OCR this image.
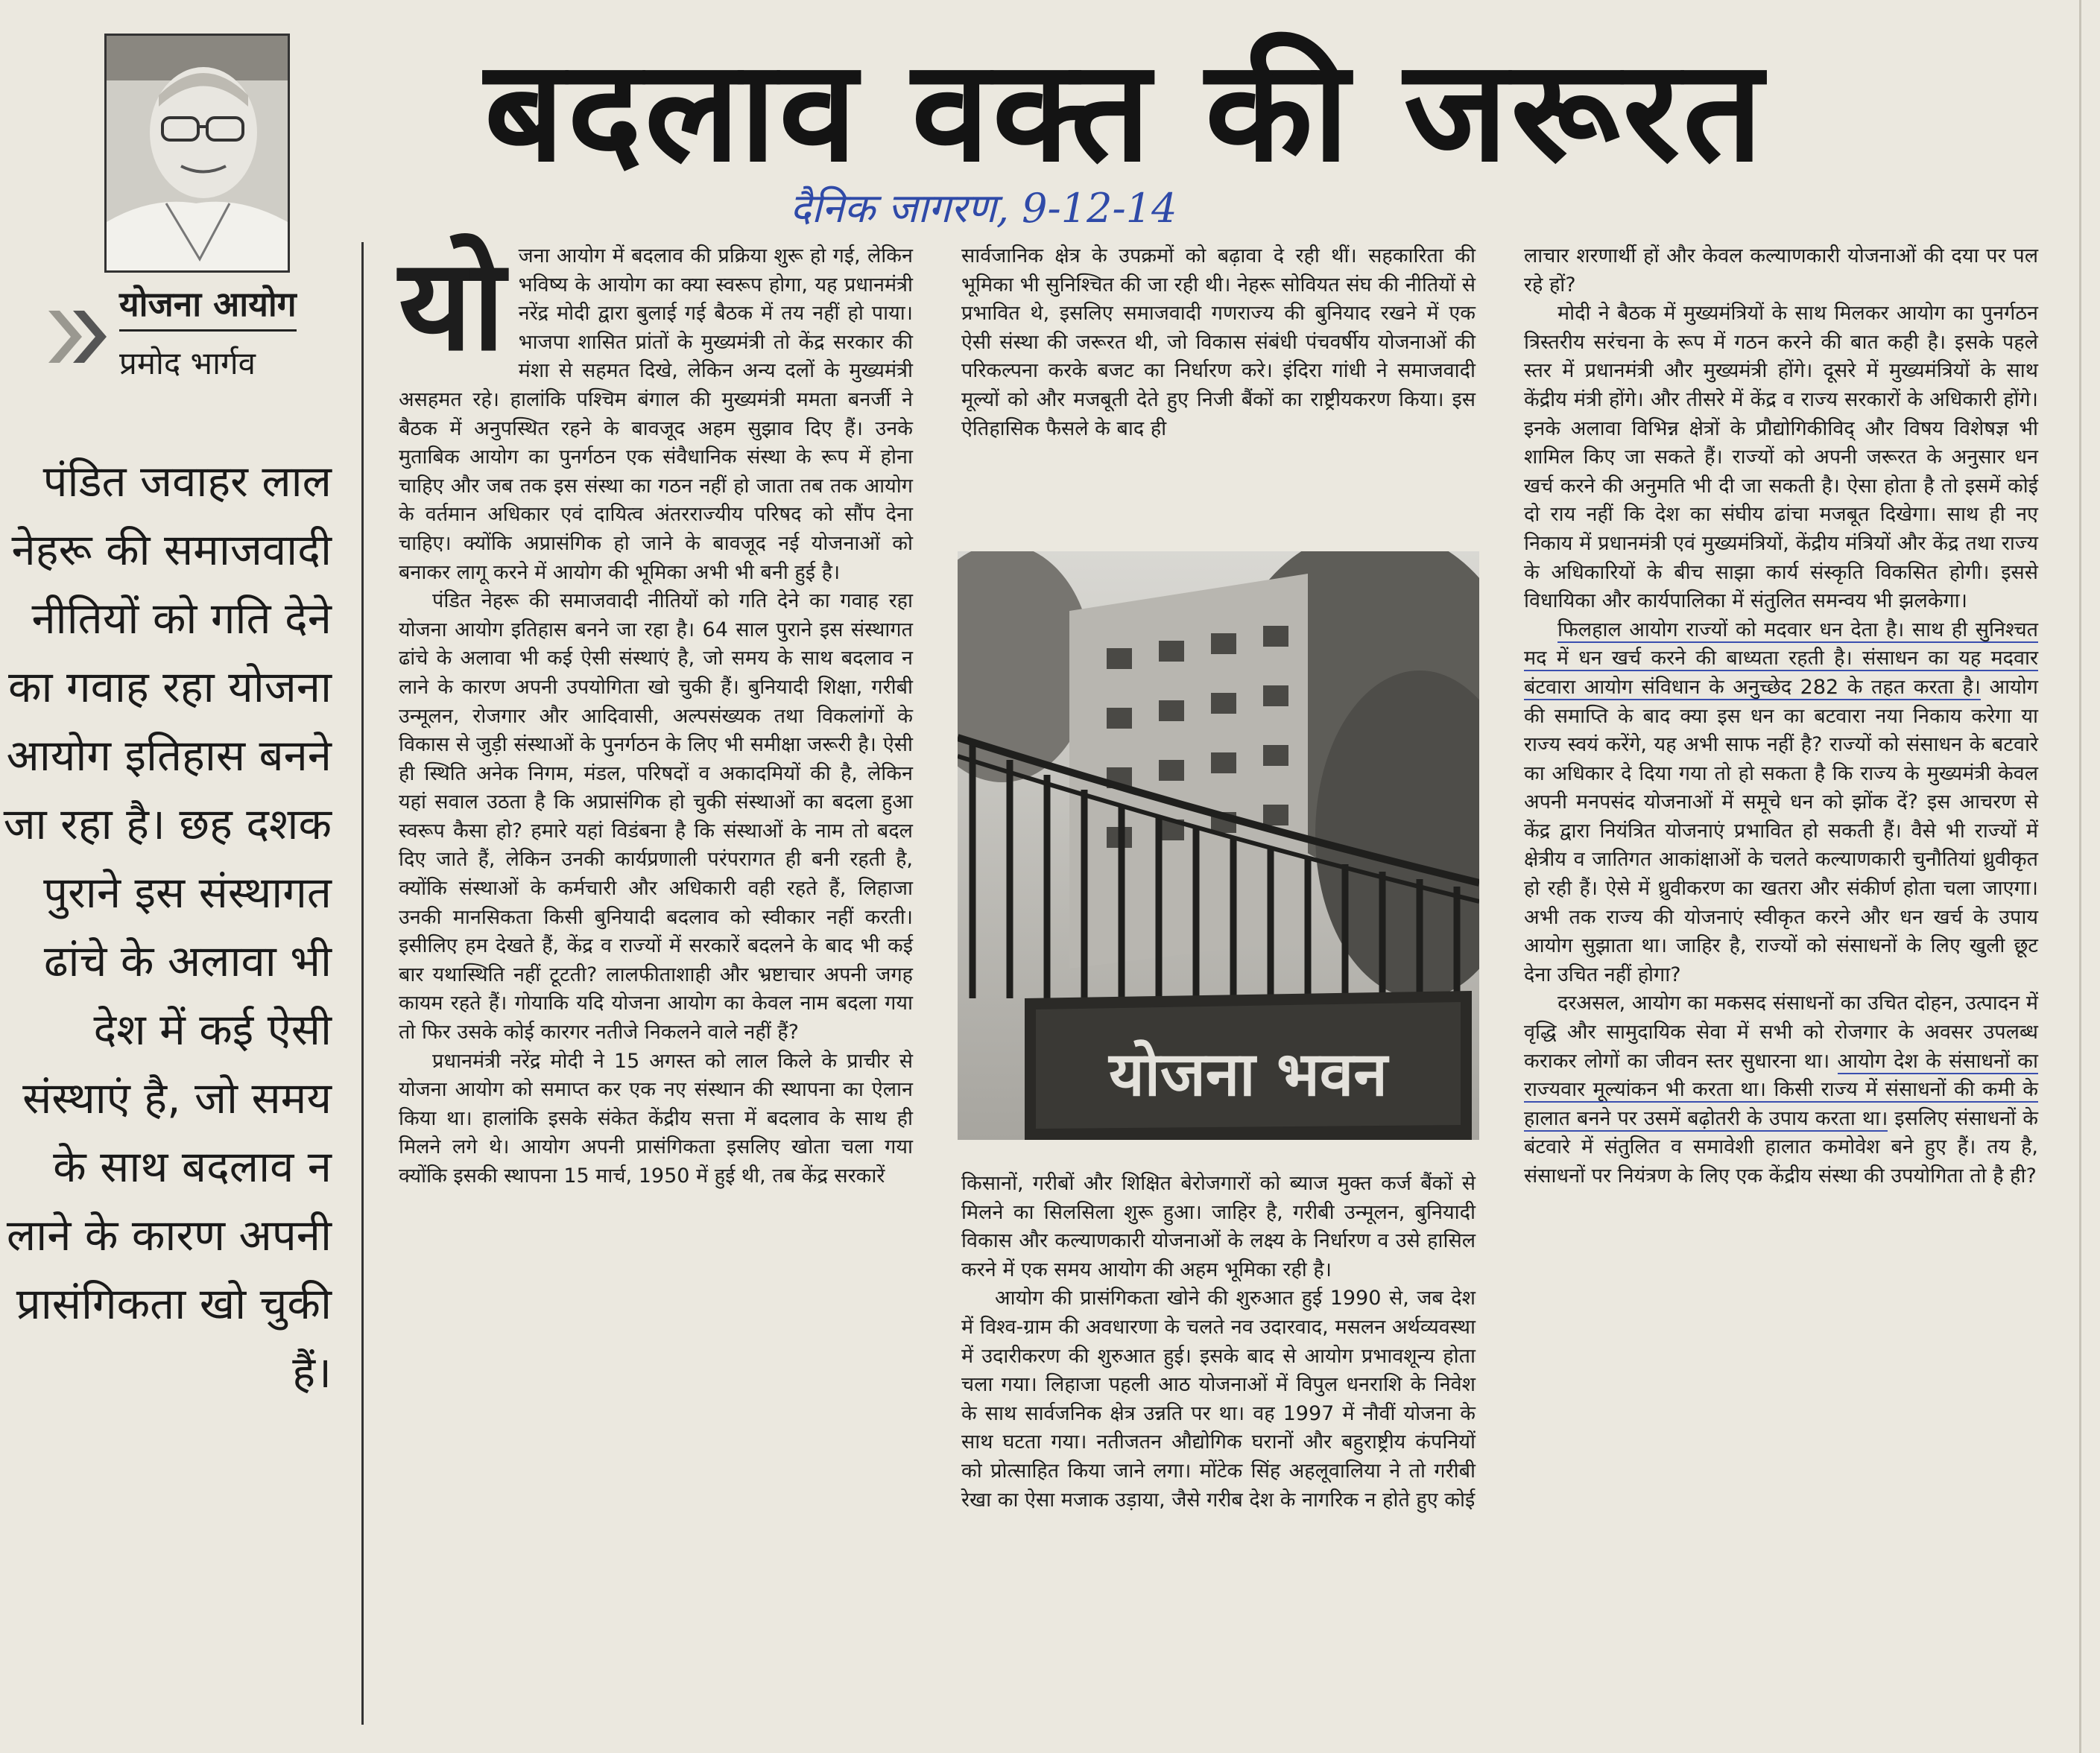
बदलाव वक्त की जरूरत
दैनिक जागरण, 9-12-14
योजना आयोग
प्रमोद भार्गव
पंडित जवाहर लाल नेहरू की समाजवादी नीतियों को गति देने का गवाह रहा योजना आयोग इतिहास बनने जा रहा है। छह दशक पुराने इस संस्थागत ढांचे के अलावा भी देश में कई ऐसी संस्थाएं है, जो समय के साथ बदलाव न लाने के कारण अपनी प्रासंगिकता खो चुकी हैं।
यो जना आयोग में बदलाव की प्रक्रिया शुरू हो गई, लेकिन भविष्य के आयोग का क्या स्वरूप होगा, यह प्रधानमंत्री नरेंद्र मोदी द्वारा बुलाई गई बैठक में तय नहीं हो पाया। भाजपा शासित प्रांतों के मुख्यमंत्री तो केंद्र सरकार की मंशा से सहमत दिखे, लेकिन अन्य दलों के मुख्यमंत्री असहमत रहे। हालांकि पश्चिम बंगाल की मुख्यमंत्री ममता बनर्जी ने बैठक में अनुपस्थित रहने के बावजूद अहम सुझाव दिए हैं। उनके मुताबिक आयोग का पुनर्गठन एक संवैधानिक संस्था के रूप में होना चाहिए और जब तक इस संस्था का गठन नहीं हो जाता तब तक आयोग के वर्तमान अधिकार एवं दायित्व अंतरराज्यीय परिषद को सौंप देना चाहिए। क्योंकि अप्रासंगिक हो जाने के बावजूद नई योजनाओं को बनाकर लागू करने में आयोग की भूमिका अभी भी बनी हुई है।

पंडित नेहरू की समाजवादी नीतियों को गति देने का गवाह रहा योजना आयोग इतिहास बनने जा रहा है। 64 साल पुराने इस संस्थागत ढांचे के अलावा भी कई ऐसी संस्थाएं है, जो समय के साथ बदलाव न लाने के कारण अपनी उपयोगिता खो चुकी हैं। बुनियादी शिक्षा, गरीबी उन्मूलन, रोजगार और आदिवासी, अल्पसंख्यक तथा विकलांगों के विकास से जुड़ी संस्थाओं के पुनर्गठन के लिए भी समीक्षा जरूरी है। ऐसी ही स्थिति अनेक निगम, मंडल, परिषदों व अकादमियों की है, लेकिन यहां सवाल उठता है कि अप्रासंगिक हो चुकी संस्थाओं का बदला हुआ स्वरूप कैसा हो? हमारे यहां विडंबना है कि संस्थाओं के नाम तो बदल दिए जाते हैं, लेकिन उनकी कार्यप्रणाली परंपरागत ही बनी रहती है, क्योंकि संस्थाओं के कर्मचारी और अधिकारी वही रहते हैं, लिहाजा उनकी मानसिकता किसी बुनियादी बदलाव को स्वीकार नहीं करती। इसीलिए हम देखते हैं, केंद्र व राज्यों में सरकारें बदलने के बाद भी कई बार यथास्थिति नहीं टूटती? लालफीताशाही और भ्रष्टाचार अपनी जगह कायम रहते हैं। गोयाकि यदि योजना आयोग का केवल नाम बदला गया तो फिर उसके कोई कारगर नतीजे निकलने वाले नहीं हैं?

प्रधानमंत्री नरेंद्र मोदी ने 15 अगस्त को लाल किले के प्राचीर से योजना आयोग को समाप्त कर एक नए संस्थान की स्थापना का ऐलान किया था। हालांकि इसके संकेत केंद्रीय सत्ता में बदलाव के साथ ही मिलने लगे थे। आयोग अपनी प्रासंगिकता इसलिए खोता चला गया क्योंकि इसकी स्थापना 15 मार्च, 1950 में हुई थी, तब केंद्र सरकारें

सार्वजानिक क्षेत्र के उपक्रमों को बढ़ावा दे रही थीं। सहकारिता की भूमिका भी सुनिश्चित की जा रही थी। नेहरू सोवियत संघ की नीतियों से प्रभावित थे, इसलिए समाजवादी गणराज्य की बुनियाद रखने में एक ऐसी संस्था की जरूरत थी, जो विकास संबंधी पंचवर्षीय योजनाओं की परिकल्पना करके बजट का निर्धारण करे। इंदिरा गांधी ने समाजवादी मूल्यों को और मजबूती देते हुए निजी बैंकों का राष्ट्रीयकरण किया। इस ऐतिहासिक फैसले के बाद ही

योजना भवन

किसानों, गरीबों और शिक्षित बेरोजगारों को ब्याज मुक्त कर्ज बैंकों से मिलने का सिलसिला शुरू हुआ। जाहिर है, गरीबी उन्मूलन, बुनियादी विकास और कल्याणकारी योजनाओं के लक्ष्य के निर्धारण व उसे हासिल करने में एक समय आयोग की अहम भूमिका रही है।

आयोग की प्रासंगिकता खोने की शुरुआत हुई 1990 से, जब देश में विश्व-ग्राम की अवधारणा के चलते नव उदारवाद, मसलन अर्थव्यवस्था में उदारीकरण की शुरुआत हुई। इसके बाद से आयोग प्रभावशून्य होता चला गया। लिहाजा पहली आठ योजनाओं में विपुल धनराशि के निवेश के साथ सार्वजनिक क्षेत्र उन्नति पर था। वह 1997 में नौवीं योजना के साथ घटता गया। नतीजतन औद्योगिक घरानों और बहुराष्ट्रीय कंपनियों को प्रोत्साहित किया जाने लगा। मोंटेक सिंह अहलूवालिया ने तो गरीबी रेखा का ऐसा मजाक उड़ाया, जैसे गरीब देश के नागरिक न होते हुए कोई

लाचार शरणार्थी हों और केवल कल्याणकारी योजनाओं की दया पर पल रहे हों?

मोदी ने बैठक में मुख्यमंत्रियों के साथ मिलकर आयोग का पुनर्गठन त्रिस्तरीय सरंचना के रूप में गठन करने की बात कही है। इसके पहले स्तर में प्रधानमंत्री और मुख्यमंत्री होंगे। दूसरे में मुख्यमंत्रियों के साथ केंद्रीय मंत्री होंगे। और तीसरे में केंद्र व राज्य सरकारों के अधिकारी होंगे। इनके अलावा विभिन्न क्षेत्रों के प्रौद्योगिकीविद् और विषय विशेषज्ञ भी शामिल किए जा सकते हैं। राज्यों को अपनी जरूरत के अनुसार धन खर्च करने की अनुमति भी दी जा सकती है। ऐसा होता है तो इसमें कोई दो राय नहीं कि देश का संघीय ढांचा मजबूत दिखेगा। साथ ही नए निकाय में प्रधानमंत्री एवं मुख्यमंत्रियों, केंद्रीय मंत्रियों और केंद्र तथा राज्य के अधिकारियों के बीच साझा कार्य संस्कृति विकसित होगी। इससे विधायिका और कार्यपालिका में संतुलित समन्वय भी झलकेगा।

फिलहाल आयोग राज्यों को मदवार धन देता है। साथ ही सुनिश्चत मद में धन खर्च करने की बाध्यता रहती है। संसाधन का यह मदवार बंटवारा आयोग संविधान के अनुच्छेद 282 के तहत करता है। आयोग की समाप्ति के बाद क्या इस धन का बटवारा नया निकाय करेगा या राज्य स्वयं करेंगे, यह अभी साफ नहीं है? राज्यों को संसाधन के बटवारे का अधिकार दे दिया गया तो हो सकता है कि राज्य के मुख्यमंत्री केवल अपनी मनपसंद योजनाओं में समूचे धन को झोंक दें? इस आचरण से केंद्र द्वारा नियंत्रित योजनाएं प्रभावित हो सकती हैं। वैसे भी राज्यों में क्षेत्रीय व जातिगत आकांक्षाओं के चलते कल्याणकारी चुनौतियां ध्रुवीकृत हो रही हैं। ऐसे में ध्रुवीकरण का खतरा और संकीर्ण होता चला जाएगा। अभी तक राज्य की योजनाएं स्वीकृत करने और धन खर्च के उपाय आयोग सुझाता था। जाहिर है, राज्यों को संसाधनों के लिए खुली छूट देना उचित नहीं होगा?

दरअसल, आयोग का मकसद संसाधनों का उचित दोहन, उत्पादन में वृद्धि और सामुदायिक सेवा में सभी को रोजगार के अवसर उपलब्ध कराकर लोगों का जीवन स्तर सुधारना था। आयोग देश के संसाधनों का राज्यवार मूल्यांकन भी करता था। किसी राज्य में संसाधनों की कमी के हालात बनने पर उसमें बढ़ोतरी के उपाय करता था। इसलिए संसाधनों के बंटवारे में संतुलित व समावेशी हालात कमोवेश बने हुए हैं। तय है, संसाधनों पर नियंत्रण के लिए एक केंद्रीय संस्था की उपयोगिता तो है ही?
